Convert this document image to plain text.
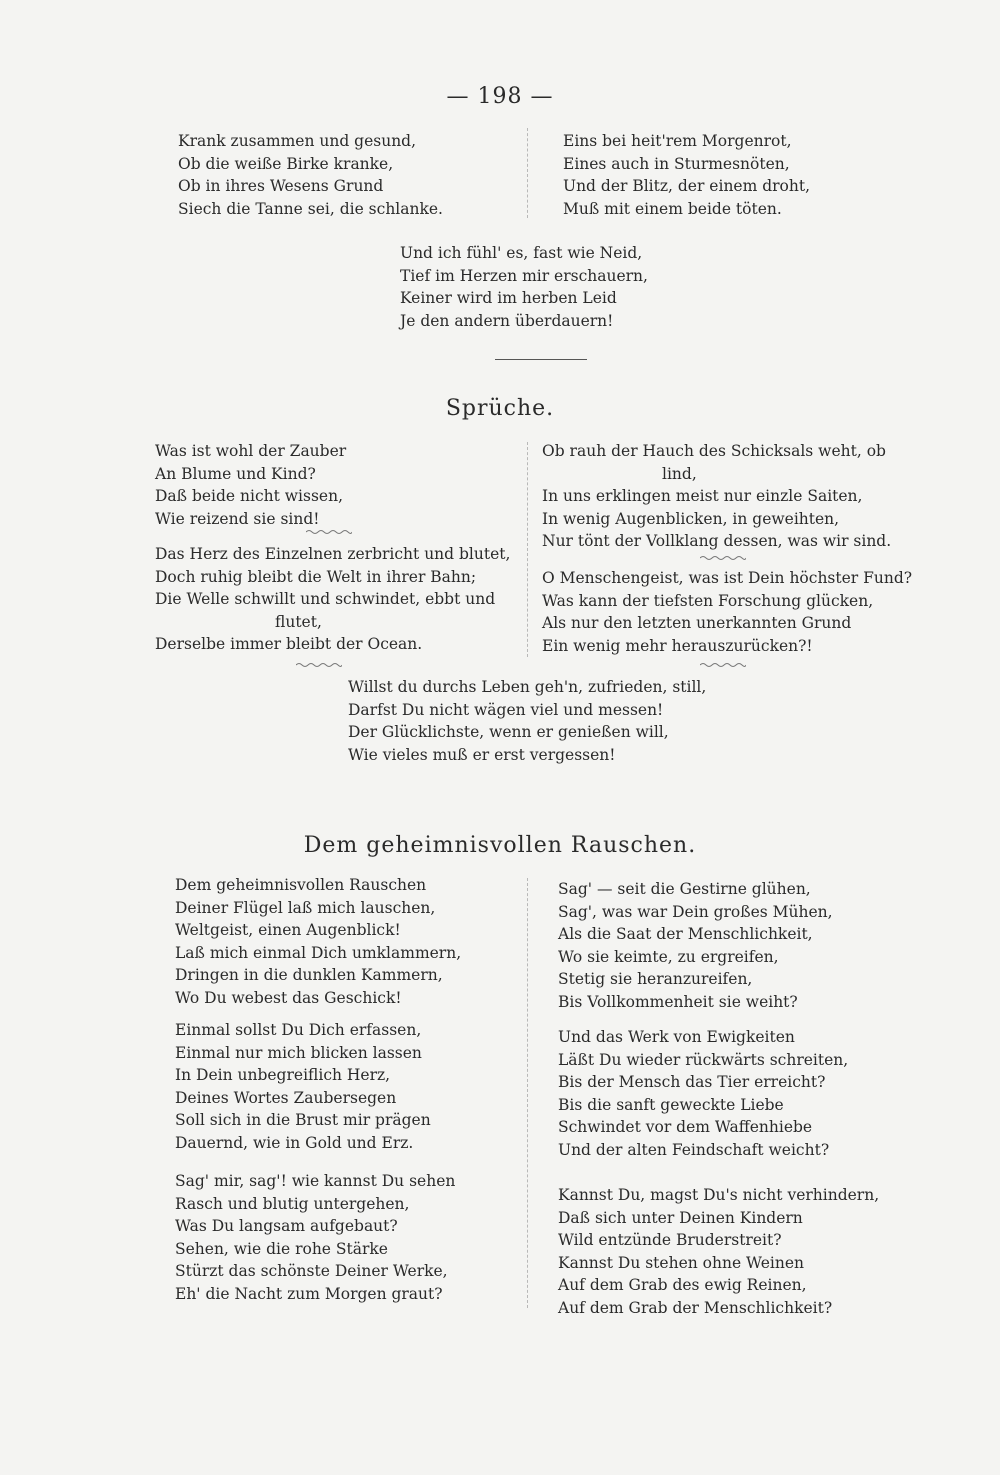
— 198 —
Krank zusammen und gesund,
Ob die weiße Birke kranke,
Ob in ihres Wesens Grund
Siech die Tanne sei, die schlanke.
Eins bei heit'rem Morgenrot,
Eines auch in Sturmesnöten,
Und der Blitz, der einem droht,
Muß mit einem beide töten.
Und ich fühl' es, fast wie Neid,
Tief im Herzen mir erschauern,
Keiner wird im herben Leid
Je den andern überdauern!
Sprüche.
Was ist wohl der Zauber
An Blume und Kind?
Daß beide nicht wissen,
Wie reizend sie sind!
Das Herz des Einzelnen zerbricht und blutet,
Doch ruhig bleibt die Welt in ihrer Bahn;
Die Welle schwillt und schwindet, ebbt und
flutet,
Derselbe immer bleibt der Ocean.
Ob rauh der Hauch des Schicksals weht, ob
lind,
In uns erklingen meist nur einzle Saiten,
In wenig Augenblicken, in geweihten,
Nur tönt der Vollklang dessen, was wir sind.
O Menschengeist, was ist Dein höchster Fund?
Was kann der tiefsten Forschung glücken,
Als nur den letzten unerkannten Grund
Ein wenig mehr herauszurücken?!
Willst du durchs Leben geh'n, zufrieden, still,
Darfst Du nicht wägen viel und messen!
Der Glücklichste, wenn er genießen will,
Wie vieles muß er erst vergessen!
Dem geheimnisvollen Rauschen.
Dem geheimnisvollen Rauschen
Deiner Flügel laß mich lauschen,
Weltgeist, einen Augenblick!
Laß mich einmal Dich umklammern,
Dringen in die dunklen Kammern,
Wo Du webest das Geschick!
Einmal sollst Du Dich erfassen,
Einmal nur mich blicken lassen
In Dein unbegreiflich Herz,
Deines Wortes Zaubersegen
Soll sich in die Brust mir prägen
Dauernd, wie in Gold und Erz.
Sag' mir, sag'! wie kannst Du sehen
Rasch und blutig untergehen,
Was Du langsam aufgebaut?
Sehen, wie die rohe Stärke
Stürzt das schönste Deiner Werke,
Eh' die Nacht zum Morgen graut?
Sag' — seit die Gestirne glühen,
Sag', was war Dein großes Mühen,
Als die Saat der Menschlichkeit,
Wo sie keimte, zu ergreifen,
Stetig sie heranzureifen,
Bis Vollkommenheit sie weiht?
Und das Werk von Ewigkeiten
Läßt Du wieder rückwärts schreiten,
Bis der Mensch das Tier erreicht?
Bis die sanft geweckte Liebe
Schwindet vor dem Waffenhiebe
Und der alten Feindschaft weicht?
Kannst Du, magst Du's nicht verhindern,
Daß sich unter Deinen Kindern
Wild entzünde Bruderstreit?
Kannst Du stehen ohne Weinen
Auf dem Grab des ewig Reinen,
Auf dem Grab der Menschlichkeit?
